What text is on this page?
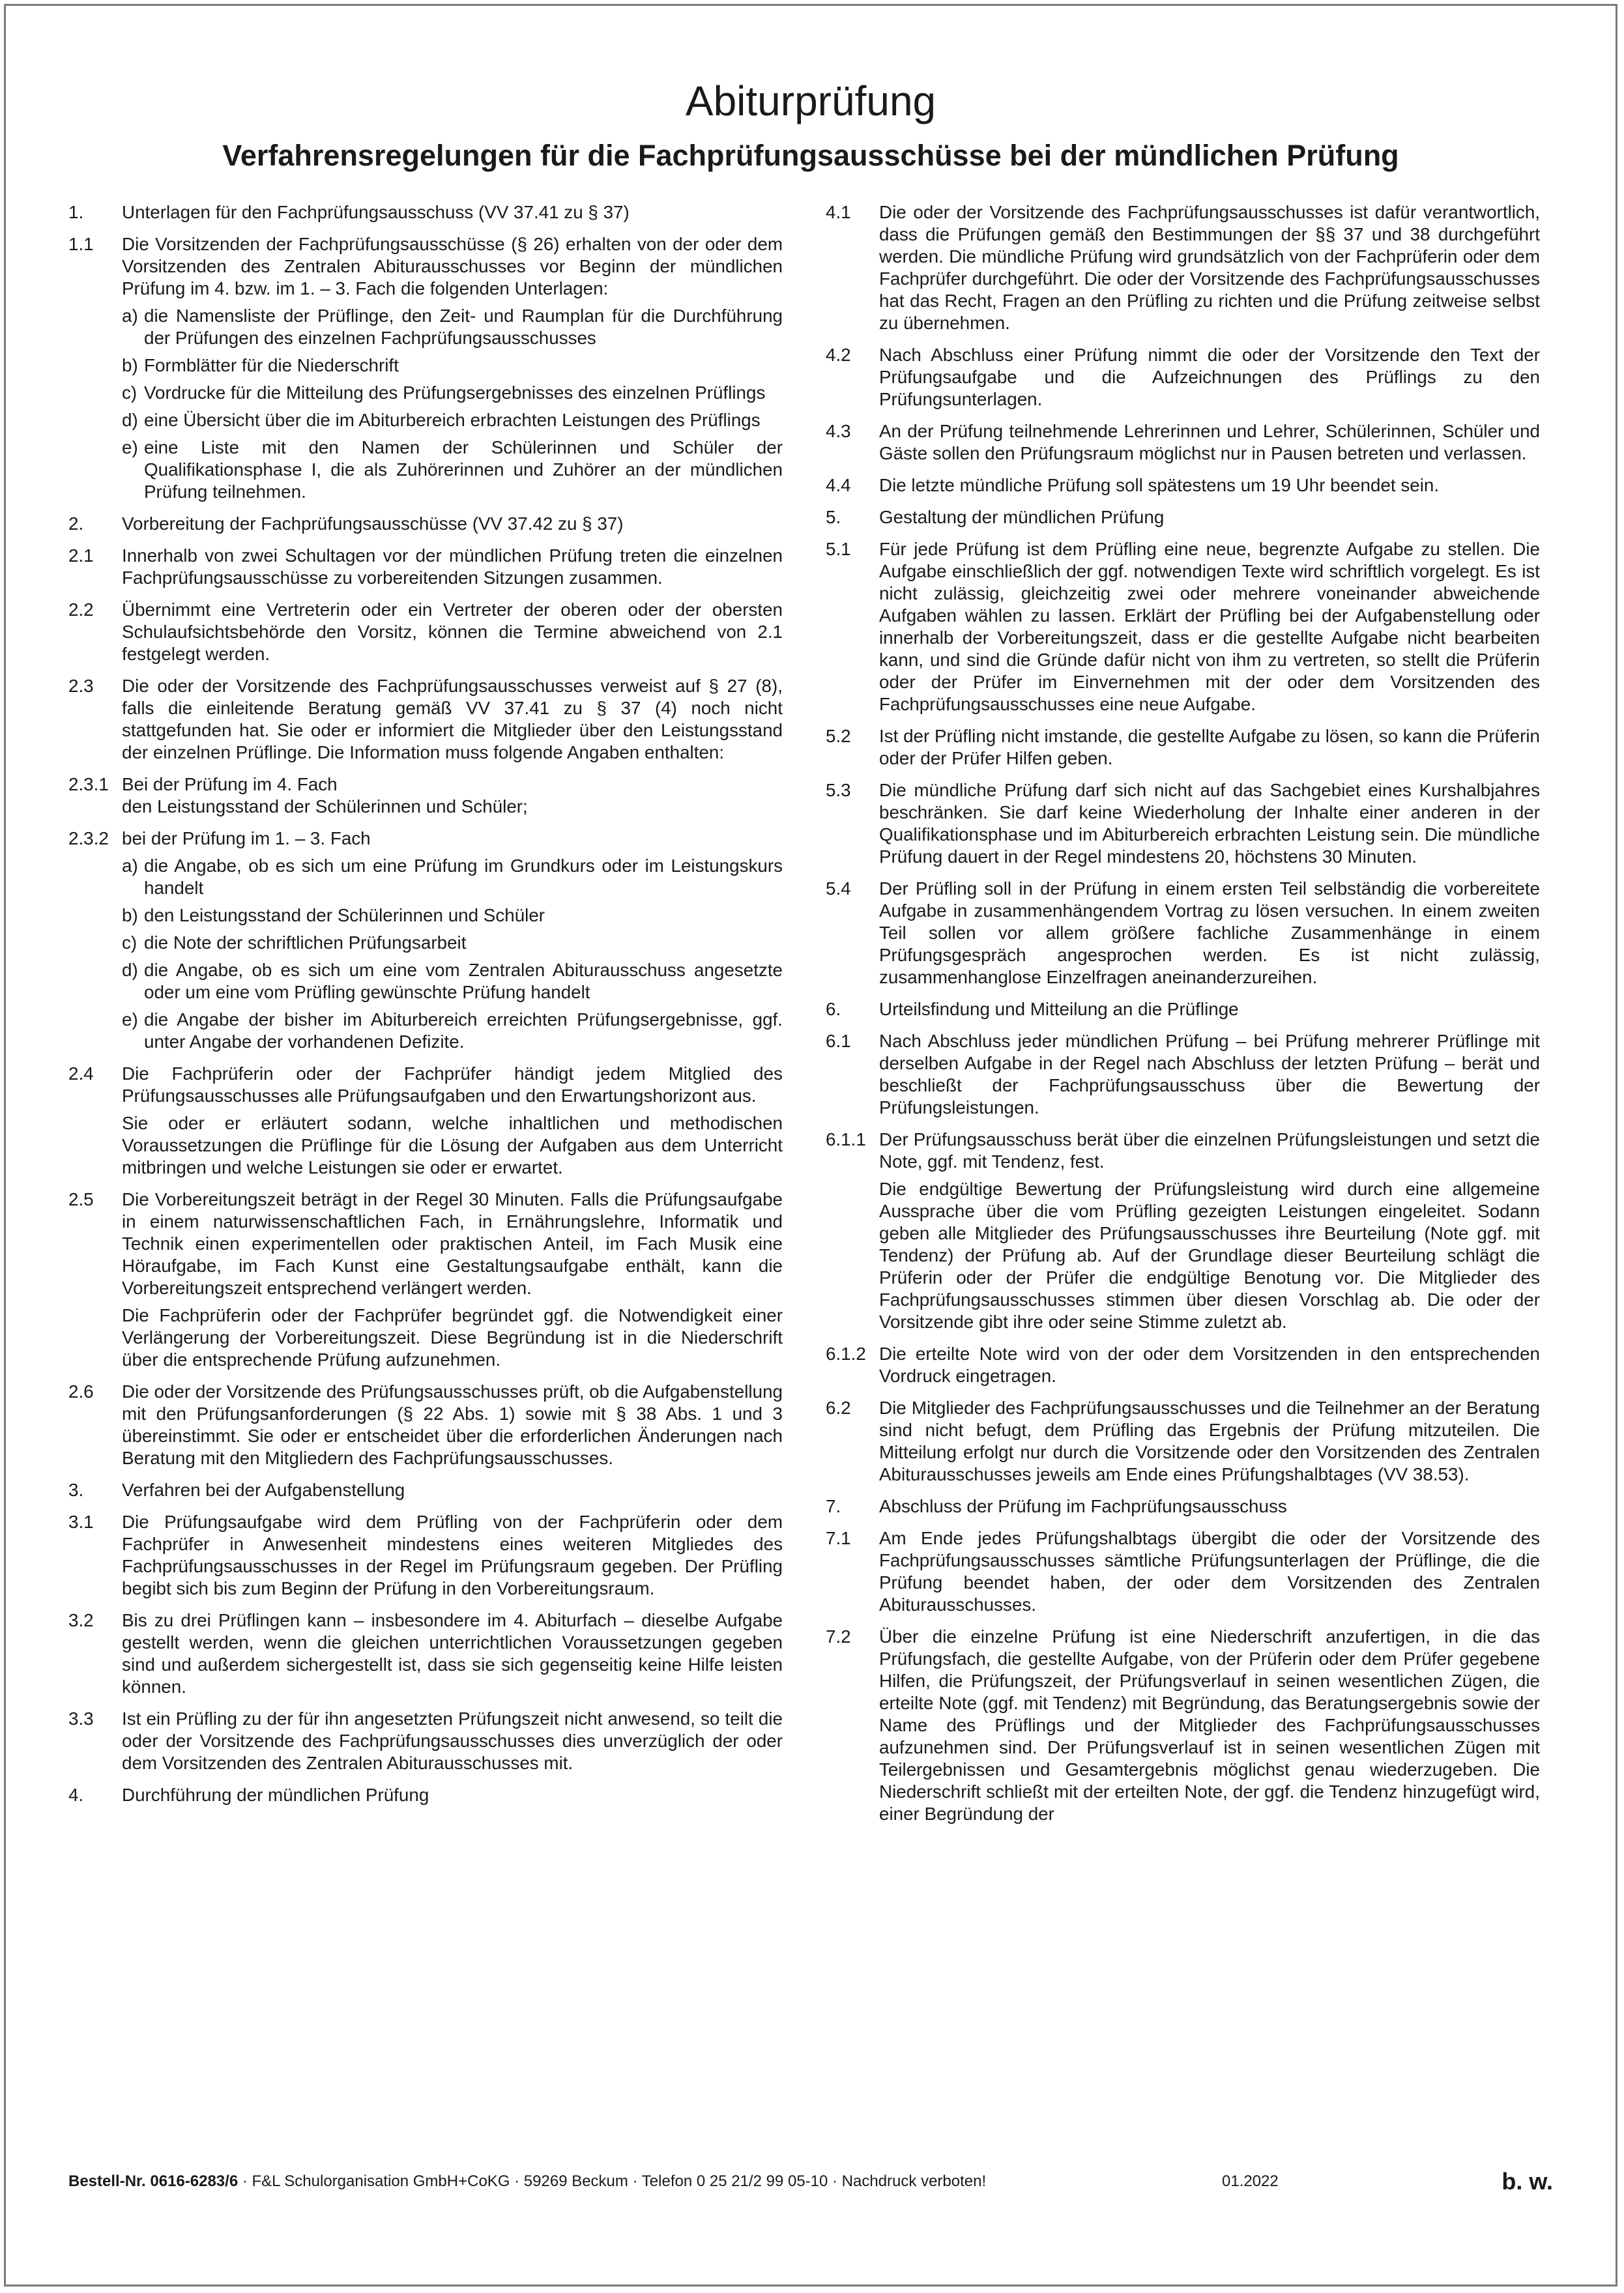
Abiturprüfung
Verfahrensregelungen für die Fachprüfungsausschüsse bei der mündlichen Prüfung
1.	Unterlagen für den Fachprüfungsausschuss (VV 37.41 zu § 37)
1.1	Die Vorsitzenden der Fachprüfungsausschüsse (§ 26) erhalten von der oder dem Vorsitzenden des Zentralen Abiturausschusses vor Beginn der mündlichen Prüfung im 4. bzw. im 1. – 3. Fach die folgenden Unterlagen:

a) die Namensliste der Prüflinge, den Zeit- und Raumplan für die Durchführung der Prüfungen des einzelnen Fachprüfungsausschusses
b) Formblätter für die Niederschrift
c) Vordrucke für die Mitteilung des Prüfungsergebnisses des einzelnen Prüflings
d) eine Übersicht über die im Abiturbereich erbrachten Leistungen des Prüflings
e) eine Liste mit den Namen der Schülerinnen und Schüler der Qualifikationsphase I, die als Zuhörerinnen und Zuhörer an der mündlichen Prüfung teilnehmen.
2.	Vorbereitung der Fachprüfungsausschüsse (VV 37.42 zu § 37)
2.1	Innerhalb von zwei Schultagen vor der mündlichen Prüfung treten die einzelnen Fachprüfungsausschüsse zu vorbereitenden Sitzungen zusammen.
2.2	Übernimmt eine Vertreterin oder ein Vertreter der oberen oder der obersten Schulaufsichtsbehörde den Vorsitz, können die Termine abweichend von 2.1 festgelegt werden.
2.3	Die oder der Vorsitzende des Fachprüfungsausschusses verweist auf § 27 (8), falls die einleitende Beratung gemäß VV 37.41 zu § 37 (4) noch nicht stattgefunden hat. Sie oder er informiert die Mitglieder über den Leistungsstand der einzelnen Prüflinge. Die Information muss folgende Angaben enthalten:
2.3.1 Bei der Prüfung im 4. Fach
den Leistungsstand der Schülerinnen und Schüler;
2.3.2 bei der Prüfung im 1. – 3. Fach

a) die Angabe, ob es sich um eine Prüfung im Grundkurs oder im Leistungskurs handelt
b) den Leistungsstand der Schülerinnen und Schüler
c) die Note der schriftlichen Prüfungsarbeit
d) die Angabe, ob es sich um eine vom Zentralen Abiturausschuss angesetzte oder um eine vom Prüfling gewünschte Prüfung handelt
e) die Angabe der bisher im Abiturbereich erreichten Prüfungsergebnisse, ggf. unter Angabe der vorhandenen Defizite.
2.4	Die Fachprüferin oder der Fachprüfer händigt jedem Mitglied des Prüfungsausschusses alle Prüfungsaufgaben und den Erwartungshorizont aus.

Sie oder er erläutert sodann, welche inhaltlichen und methodischen Voraussetzungen die Prüflinge für die Lösung der Aufgaben aus dem Unterricht mitbringen und welche Leistungen sie oder er erwartet.

2.5	Die Vorbereitungszeit beträgt in der Regel 30 Minuten. Falls die Prüfungsaufgabe in einem naturwissenschaftlichen Fach, in Ernährungslehre, Informatik und Technik einen experimentellen oder praktischen Anteil, im Fach Musik eine Höraufgabe, im Fach Kunst eine Gestaltungsaufgabe enthält, kann die Vorbereitungszeit entsprechend verlängert werden.

Die Fachprüferin oder der Fachprüfer begründet ggf. die Notwendigkeit einer Verlängerung der Vorbereitungszeit. Diese Begründung ist in die Niederschrift über die entsprechende Prüfung aufzunehmen.

2.6	Die oder der Vorsitzende des Prüfungsausschusses prüft, ob die Aufgabenstellung mit den Prüfungsanforderungen (§ 22 Abs. 1) sowie mit § 38 Abs. 1 und 3 übereinstimmt. Sie oder er entscheidet über die erforderlichen Änderungen nach Beratung mit den Mitgliedern des Fachprüfungsausschusses.
3.	Verfahren bei der Aufgabenstellung
3.1	Die Prüfungsaufgabe wird dem Prüfling von der Fachprüferin oder dem Fachprüfer in Anwesenheit mindestens eines weiteren Mitgliedes des Fachprüfungsausschusses in der Regel im Prüfungsraum gegeben. Der Prüfling begibt sich bis zum Beginn der Prüfung in den Vorbereitungsraum.
3.2	Bis zu drei Prüflingen kann – insbesondere im 4. Abiturfach – dieselbe Aufgabe gestellt werden, wenn die gleichen unterrichtlichen Voraussetzungen gegeben sind und außerdem sichergestellt ist, dass sie sich gegenseitig keine Hilfe leisten können.
3.3	Ist ein Prüfling zu der für ihn angesetzten Prüfungszeit nicht anwesend, so teilt die oder der Vorsitzende des Fachprüfungsausschusses dies unverzüglich der oder dem Vorsitzenden des Zentralen Abiturausschusses mit.
4.	Durchführung der mündlichen Prüfung
4.1	Die oder der Vorsitzende des Fachprüfungsausschusses ist dafür verantwortlich, dass die Prüfungen gemäß den Bestimmungen der §§ 37 und 38 durchgeführt werden. Die mündliche Prüfung wird grundsätzlich von der Fachprüferin oder dem Fachprüfer durchgeführt. Die oder der Vorsitzende des Fachprüfungsausschusses hat das Recht, Fragen an den Prüfling zu richten und die Prüfung zeitweise selbst zu übernehmen.
4.2	Nach Abschluss einer Prüfung nimmt die oder der Vorsitzende den Text der Prüfungsaufgabe und die Aufzeichnungen des Prüflings zu den Prüfungsunterlagen.
4.3	An der Prüfung teilnehmende Lehrerinnen und Lehrer, Schülerinnen, Schüler und Gäste sollen den Prüfungsraum möglichst nur in Pausen betreten und verlassen.
4.4	Die letzte mündliche Prüfung soll spätestens um 19 Uhr beendet sein.
5.	Gestaltung der mündlichen Prüfung
5.1	Für jede Prüfung ist dem Prüfling eine neue, begrenzte Aufgabe zu stellen. Die Aufgabe einschließlich der ggf. notwendigen Texte wird schriftlich vorgelegt. Es ist nicht zulässig, gleichzeitig zwei oder mehrere voneinander abweichende Aufgaben wählen zu lassen. Erklärt der Prüfling bei der Aufgabenstellung oder innerhalb der Vorbereitungszeit, dass er die gestellte Aufgabe nicht bearbeiten kann, und sind die Gründe dafür nicht von ihm zu vertreten, so stellt die Prüferin oder der Prüfer im Einvernehmen mit der oder dem Vorsitzenden des Fachprüfungsausschusses eine neue Aufgabe.
5.2	Ist der Prüfling nicht imstande, die gestellte Aufgabe zu lösen, so kann die Prüferin oder der Prüfer Hilfen geben.
5.3	Die mündliche Prüfung darf sich nicht auf das Sachgebiet eines Kurshalbjahres beschränken. Sie darf keine Wiederholung der Inhalte einer anderen in der Qualifikationsphase und im Abiturbereich erbrachten Leistung sein. Die mündliche Prüfung dauert in der Regel mindestens 20, höchstens 30 Minuten.
5.4	Der Prüfling soll in der Prüfung in einem ersten Teil selbständig die vorbereitete Aufgabe in zusammenhängendem Vortrag zu lösen versuchen. In einem zweiten Teil sollen vor allem größere fachliche Zusammenhänge in einem Prüfungsgespräch angesprochen werden. Es ist nicht zulässig, zusammenhanglose Einzelfragen aneinanderzureihen.
6.	Urteilsfindung und Mitteilung an die Prüflinge
6.1	Nach Abschluss jeder mündlichen Prüfung – bei Prüfung mehrerer Prüflinge mit derselben Aufgabe in der Regel nach Abschluss der letzten Prüfung – berät und beschließt der Fachprüfungsausschuss über die Bewertung der Prüfungsleistungen.
6.1.1 Der Prüfungsausschuss berät über die einzelnen Prüfungsleistungen und setzt die Note, ggf. mit Tendenz, fest.

Die endgültige Bewertung der Prüfungsleistung wird durch eine allgemeine Aussprache über die vom Prüfling gezeigten Leistungen eingeleitet. Sodann geben alle Mitglieder des Prüfungsausschusses ihre Beurteilung (Note ggf. mit Tendenz) der Prüfung ab. Auf der Grundlage dieser Beurteilung schlägt die Prüferin oder der Prüfer die endgültige Benotung vor. Die Mitglieder des Fachprüfungsausschusses stimmen über diesen Vorschlag ab. Die oder der Vorsitzende gibt ihre oder seine Stimme zuletzt ab.

6.1.2 Die erteilte Note wird von der oder dem Vorsitzenden in den entsprechenden Vordruck eingetragen.
6.2	Die Mitglieder des Fachprüfungsausschusses und die Teilnehmer an der Beratung sind nicht befugt, dem Prüfling das Ergebnis der Prüfung mitzuteilen. Die Mitteilung erfolgt nur durch die Vorsitzende oder den Vorsitzenden des Zentralen Abiturausschusses jeweils am Ende eines Prüfungshalbtages (VV 38.53).
7.	Abschluss der Prüfung im Fachprüfungsausschuss
7.1	Am Ende jedes Prüfungshalbtags übergibt die oder der Vorsitzende des Fachprüfungsausschusses sämtliche Prüfungsunterlagen der Prüflinge, die die Prüfung beendet haben, der oder dem Vorsitzenden des Zentralen Abiturausschusses.
7.2	Über die einzelne Prüfung ist eine Niederschrift anzufertigen, in die das Prüfungsfach, die gestellte Aufgabe, von der Prüferin oder dem Prüfer gegebene Hilfen, die Prüfungszeit, der Prüfungsverlauf in seinen wesentlichen Zügen, die erteilte Note (ggf. mit Tendenz) mit Begründung, das Beratungsergebnis sowie der Name des Prüflings und der Mitglieder des Fachprüfungsausschusses aufzunehmen sind. Der Prüfungsverlauf ist in seinen wesentlichen Zügen mit Teilergebnissen und Gesamtergebnis möglichst genau wiederzugeben. Die Niederschrift schließt mit der erteilten Note, der ggf. die Tendenz hinzugefügt wird, einer Begründung der
Bestell-Nr. 0616-6283/6 · F&L Schulorganisation GmbH+CoKG · 59269 Beckum · Telefon 0 25 21/2 99 05-10 · Nachdruck verboten!	01.2022	b. w.
